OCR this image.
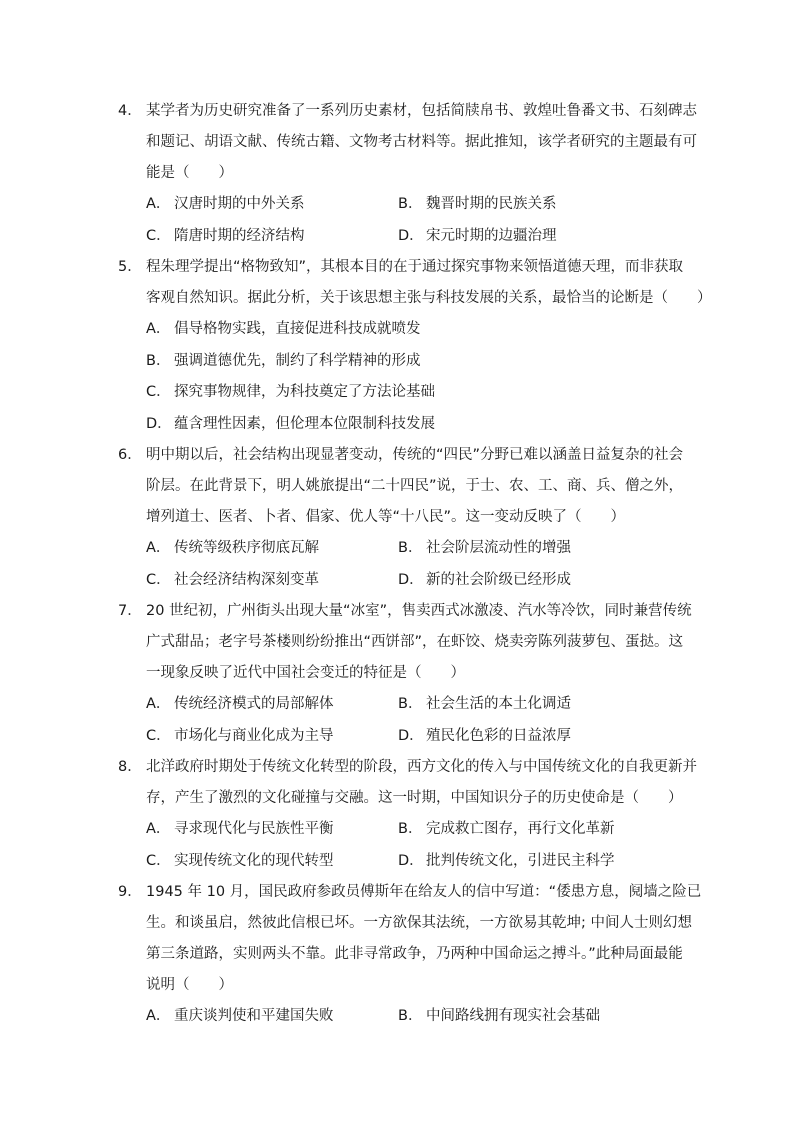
4． 某学者为历史研究准备了一系列历史素材，包括简牍帛书、敦煌吐鲁番文书、石刻碑志
和题记、胡语文献、传统古籍、文物考古材料等。据此推知，该学者研究的主题最有可
能是（　　）
A． 汉唐时期的中外关系	B． 魏晋时期的民族关系
C． 隋唐时期的经济结构	D． 宋元时期的边疆治理
5． 程朱理学提出“格物致知”，其根本目的在于通过探究事物来领悟道德天理，而非获取
客观自然知识。据此分析，关于该思想主张与科技发展的关系，最恰当的论断是（　　）
A． 倡导格物实践，直接促进科技成就喷发
B． 强调道德优先，制约了科学精神的形成
C． 探究事物规律，为科技奠定了方法论基础
D． 蕴含理性因素，但伦理本位限制科技发展
6． 明中期以后，社会结构出现显著变动，传统的“四民”分野已难以涵盖日益复杂的社会
阶层。在此背景下，明人姚旅提出“二十四民”说，于士、农、工、商、兵、僧之外，
增列道士、医者、卜者、倡家、优人等“十八民”。这一变动反映了（　　）
A． 传统等级秩序彻底瓦解	B． 社会阶层流动性的增强
C． 社会经济结构深刻变革	D． 新的社会阶级已经形成
7． 20 世纪初，广州街头出现大量“冰室”，售卖西式冰激凌、汽水等冷饮，同时兼营传统
广式甜品；老字号茶楼则纷纷推出“西饼部”，在虾饺、烧卖旁陈列菠萝包、蛋挞。这
一现象反映了近代中国社会变迁的特征是（　　）
A． 传统经济模式的局部解体	B． 社会生活的本土化调适
C． 市场化与商业化成为主导	D． 殖民化色彩的日益浓厚
8． 北洋政府时期处于传统文化转型的阶段，西方文化的传入与中国传统文化的自我更新并
存，产生了激烈的文化碰撞与交融。这一时期，中国知识分子的历史使命是（　　）
A． 寻求现代化与民族性平衡	B． 完成救亡图存，再行文化革新
C． 实现传统文化的现代转型	D． 批判传统文化，引进民主科学
9． 1945 年 10 月，国民政府参政员傅斯年在给友人的信中写道：“倭患方息，阋墙之险已
生。和谈虽启，然彼此信根已坏。一方欲保其法统，一方欲易其乾坤; 中间人士则幻想
第三条道路，实则两头不靠。此非寻常政争，乃两种中国命运之搏斗。”此种局面最能
说明（　　）
A． 重庆谈判使和平建国失败	B． 中间路线拥有现实社会基础
